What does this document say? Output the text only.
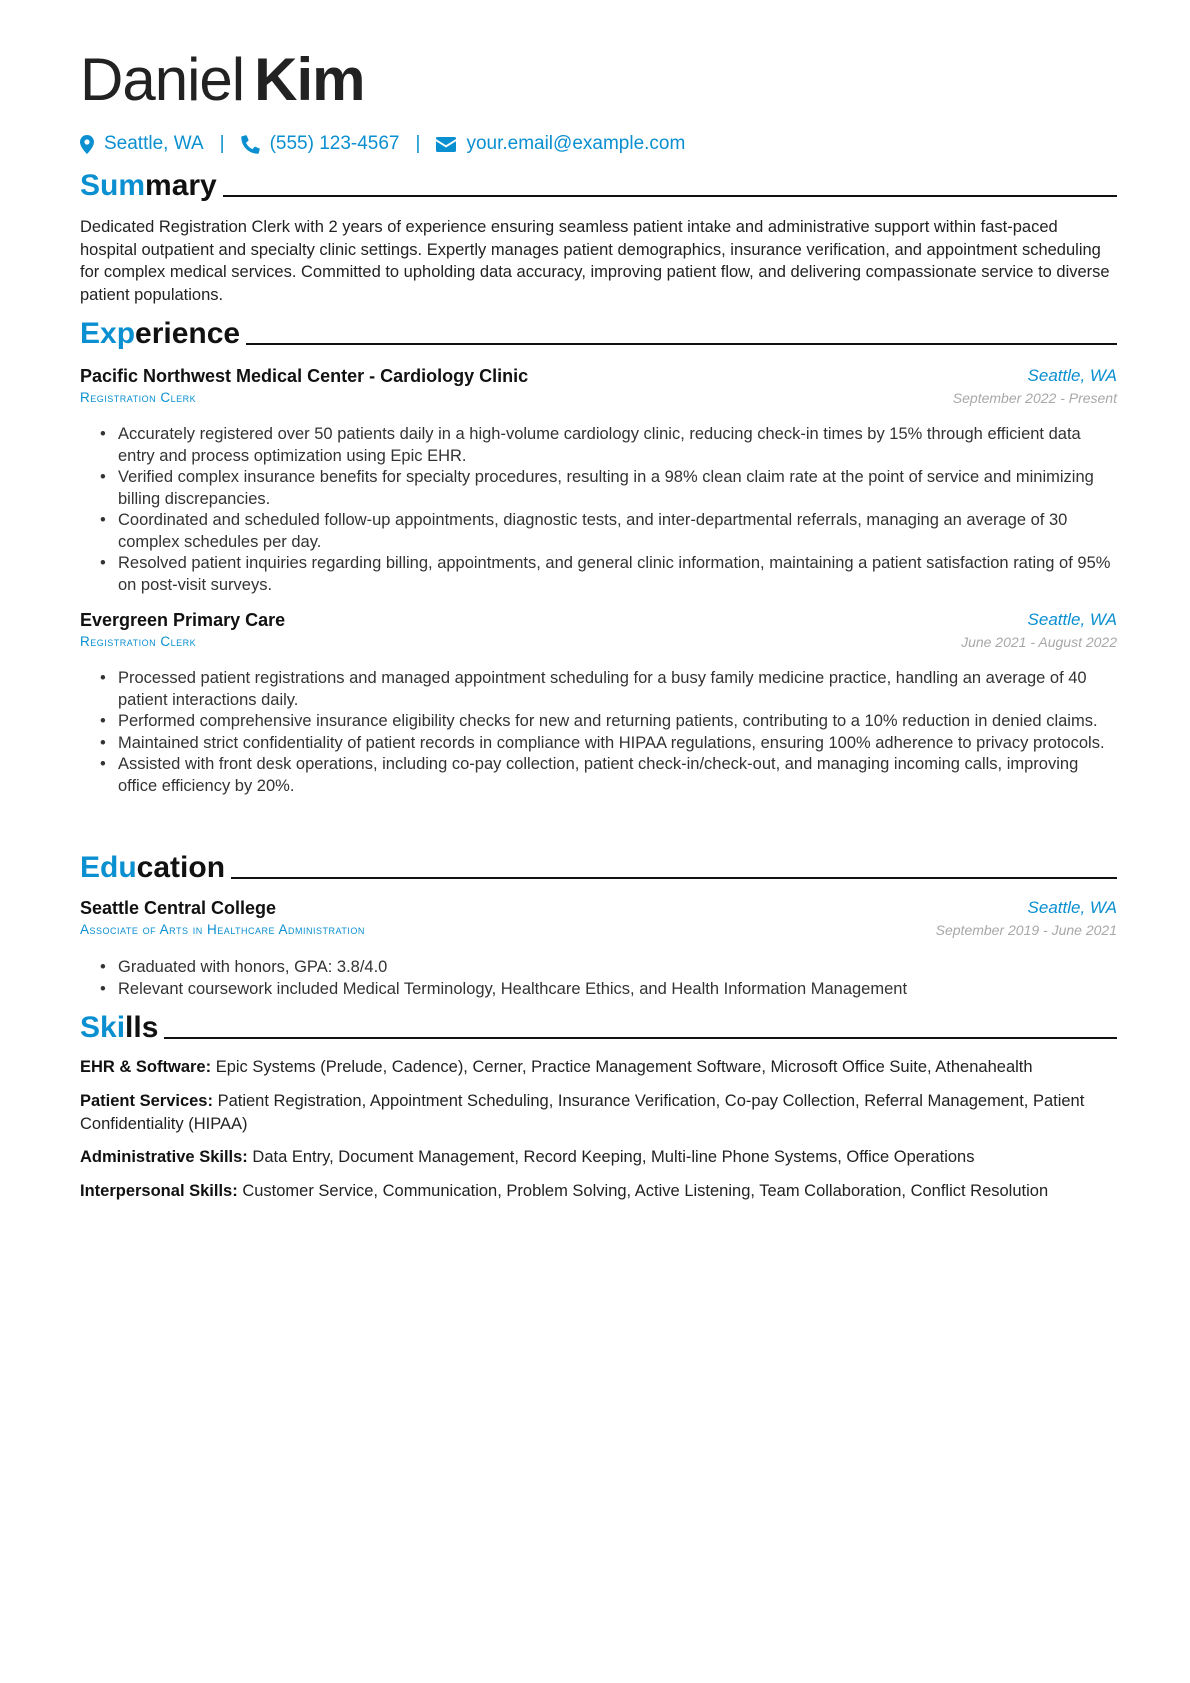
Daniel Kim
Seattle, WA | (555) 123-4567 | your.email@example.com
Summary

Dedicated Registration Clerk with 2 years of experience ensuring seamless patient intake and administrative support within fast-paced hospital outpatient and specialty clinic settings. Expertly manages patient demographics, insurance verification, and appointment scheduling for complex medical services. Committed to upholding data accuracy, improving patient flow, and delivering compassionate service to diverse patient populations.

Experience
Pacific Northwest Medical Center - Cardiology Clinic	Seattle, WA
Registration Clerk	September 2022 - Present
• Accurately registered over 50 patients daily in a high-volume cardiology clinic, reducing check-in times by 15% through efficient data entry and process optimization using Epic EHR.
• Verified complex insurance benefits for specialty procedures, resulting in a 98% clean claim rate at the point of service and minimizing billing discrepancies.
• Coordinated and scheduled follow-up appointments, diagnostic tests, and inter-departmental referrals, managing an average of 30 complex schedules per day.
• Resolved patient inquiries regarding billing, appointments, and general clinic information, maintaining a patient satisfaction rating of 95% on post-visit surveys.
Evergreen Primary Care	Seattle, WA
Registration Clerk	June 2021 - August 2022
• Processed patient registrations and managed appointment scheduling for a busy family medicine practice, handling an average of 40 patient interactions daily.
• Performed comprehensive insurance eligibility checks for new and returning patients, contributing to a 10% reduction in denied claims.
• Maintained strict confidentiality of patient records in compliance with HIPAA regulations, ensuring 100% adherence to privacy protocols.
• Assisted with front desk operations, including co-pay collection, patient check-in/check-out, and managing incoming calls, improving office efficiency by 20%.
Education
Seattle Central College	Seattle, WA
Associate of Arts in Healthcare Administration	September 2019 - June 2021
• Graduated with honors, GPA: 3.8/4.0
• Relevant coursework included Medical Terminology, Healthcare Ethics, and Health Information Management
Skills

EHR & Software: Epic Systems (Prelude, Cadence), Cerner, Practice Management Software, Microsoft Office Suite, Athenahealth

Patient Services: Patient Registration, Appointment Scheduling, Insurance Verification, Co-pay Collection, Referral Management, Patient Confidentiality (HIPAA)

Administrative Skills: Data Entry, Document Management, Record Keeping, Multi-line Phone Systems, Office Operations

Interpersonal Skills: Customer Service, Communication, Problem Solving, Active Listening, Team Collaboration, Conflict Resolution
